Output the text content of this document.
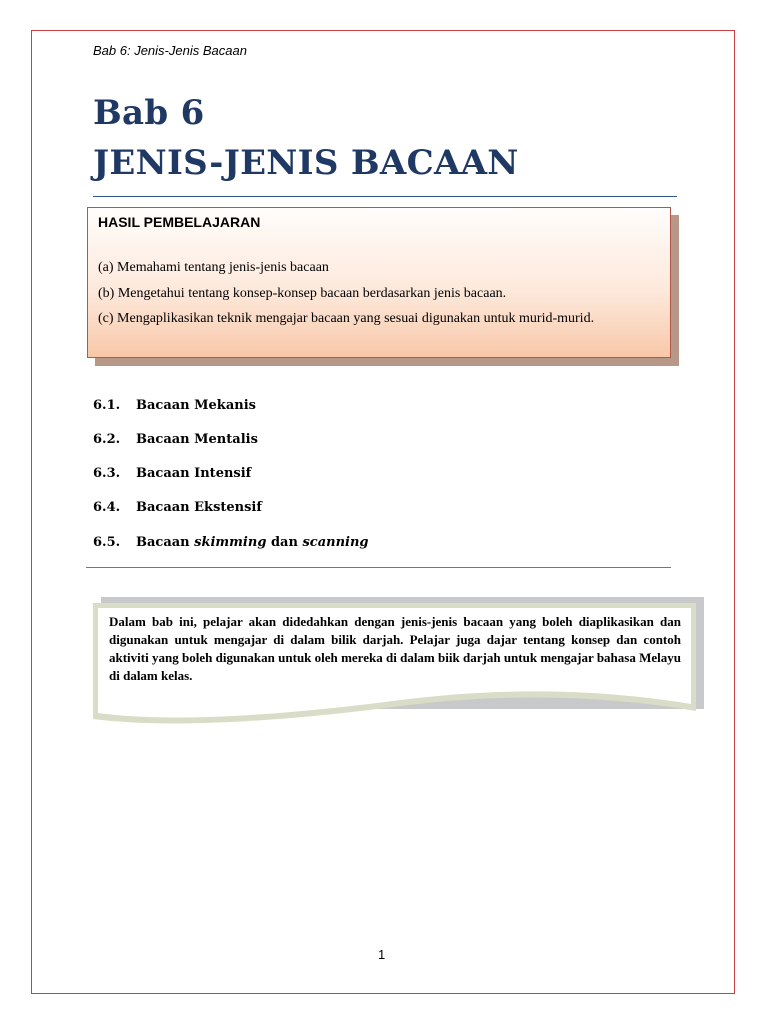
Bab 6: Jenis-Jenis Bacaan
Bab 6
JENIS-JENIS BACAAN
HASIL PEMBELAJARAN
(a) Memahami tentang jenis-jenis bacaan
(b) Mengetahui tentang konsep-konsep bacaan berdasarkan jenis bacaan.
(c) Mengaplikasikan teknik mengajar bacaan yang sesuai digunakan untuk murid-murid.
6.1. Bacaan Mekanis
6.2. Bacaan Mentalis
6.3. Bacaan Intensif
6.4. Bacaan Ekstensif
6.5. Bacaan skimming dan scanning
Dalam bab ini, pelajar akan didedahkan dengan jenis-jenis bacaan yang boleh diaplikasikan dan digunakan untuk mengajar di dalam bilik darjah. Pelajar juga dajar tentang konsep dan contoh aktiviti yang boleh digunakan untuk oleh mereka di dalam biik darjah untuk mengajar bahasa Melayu di dalam kelas.
1
